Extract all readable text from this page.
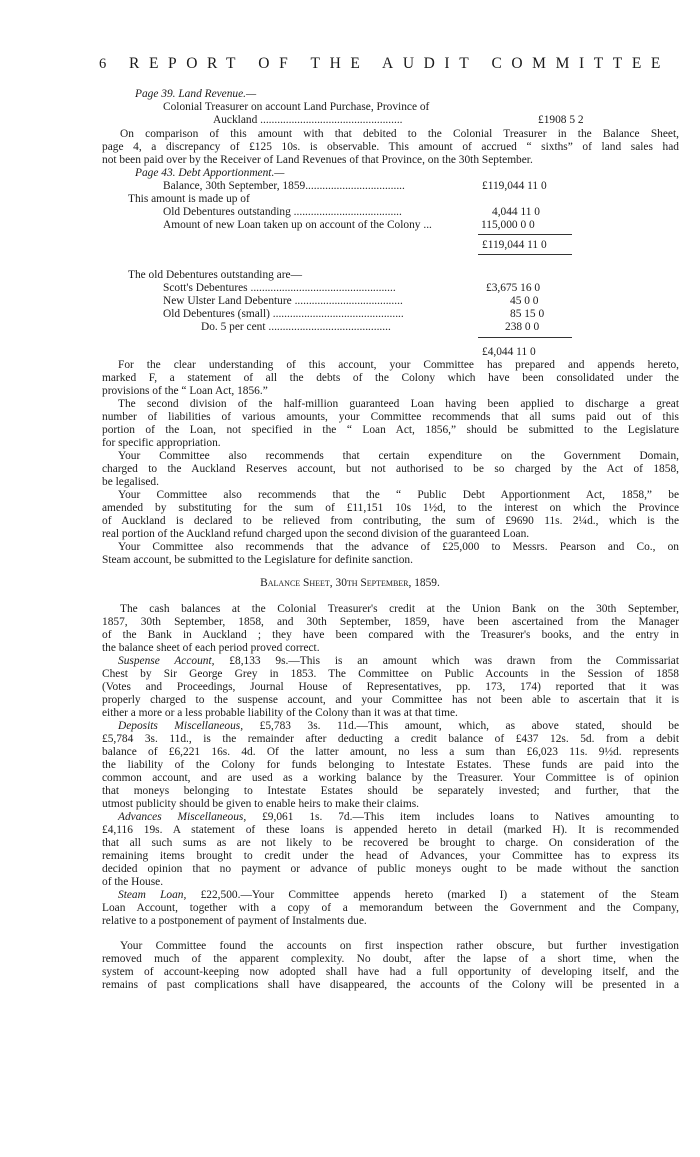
6 REPORT OF THE AUDIT COMMITTEE
Page 39. Land Revenue.—
Colonial Treasurer on account Land Purchase, Province of
Auckland ..................................................	£1908 5 2
On comparison of this amount with that debited to the Colonial Treasurer in the Balance Sheet,
page 4, a discrepancy of £125 10s. is observable. This amount of accrued “ sixths” of land sales had
not been paid over by the Receiver of Land Revenues of that Province, on the 30th September.
Page 43. Debt Apportionment.—
Balance, 30th September, 1859...................................	£119,044 11 0
This amount is made up of
Old Debentures outstanding ......................................	4,044 11 0
Amount of new Loan taken up on account of the Colony ...	115,000 0 0
£119,044 11 0
The old Debentures outstanding are—
Scott's Debentures ...................................................	£3,675 16 0
New Ulster Land Debenture ......................................	45 0 0
Old Debentures (small) ..............................................	85 15 0
Do. 5 per cent ...........................................	238 0 0
£4,044 11 0
For the clear understanding of this account, your Committee has prepared and appends hereto,
marked F, a statement of all the debts of the Colony which have been consolidated under the
provisions of the “ Loan Act, 1856.”
The second division of the half-million guaranteed Loan having been applied to discharge a great
number of liabilities of various amounts, your Committee recommends that all sums paid out of this
portion of the Loan, not specified in the “ Loan Act, 1856,” should be submitted to the Legislature
for specific appropriation.
Your Committee also recommends that certain expenditure on the Government Domain,
charged to the Auckland Reserves account, but not authorised to be so charged by the Act of 1858,
be legalised.
Your Committee also recommends that the “ Public Debt Apportionment Act, 1858,” be
amended by substituting for the sum of £11,151 10s 1½d, to the interest on which the Province
of Auckland is declared to be relieved from contributing, the sum of £9690 11s. 2¼d., which is the
real portion of the Auckland refund charged upon the second division of the guaranteed Loan.
Your Committee also recommends that the advance of £25,000 to Messrs. Pearson and Co., on
Steam account, be submitted to the Legislature for definite sanction.
Balance Sheet, 30th September, 1859.
The cash balances at the Colonial Treasurer's credit at the Union Bank on the 30th September,
1857, 30th September, 1858, and 30th September, 1859, have been ascertained from the Manager
of the Bank in Auckland ; they have been compared with the Treasurer's books, and the entry in
the balance sheet of each period proved correct.
Suspense Account, £8,133 9s.—This is an amount which was drawn from the Commissariat
Chest by Sir George Grey in 1853. The Committee on Public Accounts in the Session of 1858
(Votes and Proceedings, Journal House of Representatives, pp. 173, 174) reported that it was
properly charged to the suspense account, and your Committee has not been able to ascertain that it is
either a more or a less probable liability of the Colony than it was at that time.
Deposits Miscellaneous, £5,783 3s. 11d.—This amount, which, as above stated, should be
£5,784 3s. 11d., is the remainder after deducting a credit balance of £437 12s. 5d. from a debit
balance of £6,221 16s. 4d. Of the latter amount, no less a sum than £6,023 11s. 9½d. represents
the liability of the Colony for funds belonging to Intestate Estates. These funds are paid into the
common account, and are used as a working balance by the Treasurer. Your Committee is of opinion
that moneys belonging to Intestate Estates should be separately invested; and further, that the
utmost publicity should be given to enable heirs to make their claims.
Advances Miscellaneous, £9,061 1s. 7d.—This item includes loans to Natives amounting to
£4,116 19s. A statement of these loans is appended hereto in detail (marked H). It is recommended
that all such sums as are not likely to be recovered be brought to charge. On consideration of the
remaining items brought to credit under the head of Advances, your Committee has to express its
decided opinion that no payment or advance of public moneys ought to be made without the sanction
of the House.
Steam Loan, £22,500.—Your Committee appends hereto (marked I) a statement of the Steam
Loan Account, together with a copy of a memorandum between the Government and the Company,
relative to a postponement of payment of Instalments due.
Your Committee found the accounts on first inspection rather obscure, but further investigation
removed much of the apparent complexity. No doubt, after the lapse of a short time, when the
system of account-keeping now adopted shall have had a full opportunity of developing itself, and the
remains of past complications shall have disappeared, the accounts of the Colony will be presented in a
